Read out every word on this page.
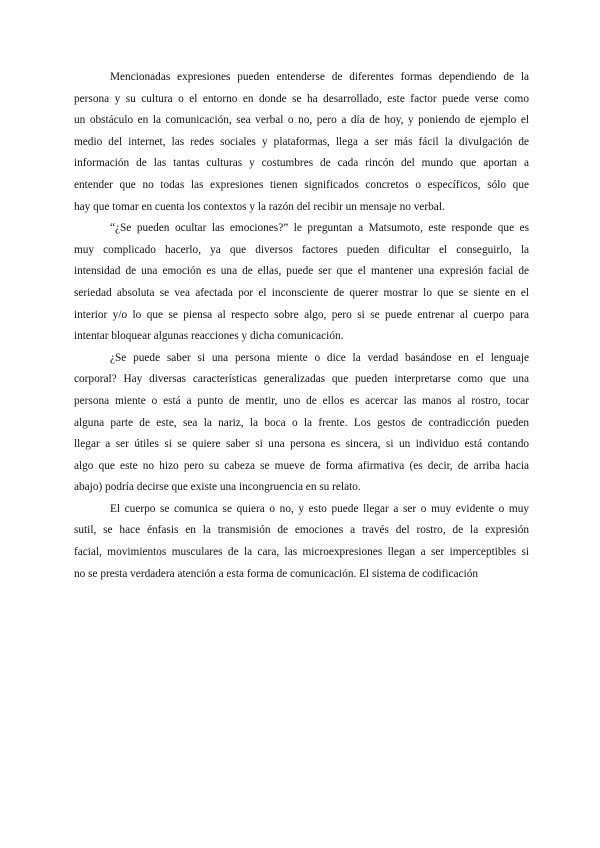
Mencionadas expresiones pueden entenderse de diferentes formas dependiendo de la
persona y su cultura o el entorno en donde se ha desarrollado, este factor puede verse como
un obstáculo en la comunicación, sea verbal o no, pero a día de hoy, y poniendo de ejemplo el
medio del internet, las redes sociales y plataformas, llega a ser más fácil la divulgación de
información de las tantas culturas y costumbres de cada rincón del mundo que aportan a
entender que no todas las expresiones tienen significados concretos o específicos, sólo que
hay que tomar en cuenta los contextos y la razón del recibir un mensaje no verbal.
“¿Se pueden ocultar las emociones?” le preguntan a Matsumoto, este responde que es
muy complicado hacerlo, ya que diversos factores pueden dificultar el conseguirlo, la
intensidad de una emoción es una de ellas, puede ser que el mantener una expresión facial de
seriedad absoluta se vea afectada por el inconsciente de querer mostrar lo que se siente en el
interior y/o lo que se piensa al respecto sobre algo, pero si se puede entrenar al cuerpo para
intentar bloquear algunas reacciones y dicha comunicación.
¿Se puede saber si una persona miente o dice la verdad basándose en el lenguaje
corporal? Hay diversas características generalizadas que pueden interpretarse como que una
persona miente o está a punto de mentir, uno de ellos es acercar las manos al rostro, tocar
alguna parte de este, sea la nariz, la boca o la frente. Los gestos de contradicción pueden
llegar a ser útiles si se quiere saber si una persona es sincera, si un individuo está contando
algo que este no hizo pero su cabeza se mueve de forma afirmativa (es decir, de arriba hacia
abajo) podría decirse que existe una incongruencia en su relato.
El cuerpo se comunica se quiera o no, y esto puede llegar a ser o muy evidente o muy
sutil, se hace énfasis en la transmisión de emociones a través del rostro, de la expresión
facial, movimientos musculares de la cara, las microexpresiones llegan a ser imperceptibles si
no se presta verdadera atención a esta forma de comunicación. El sistema de codificación
